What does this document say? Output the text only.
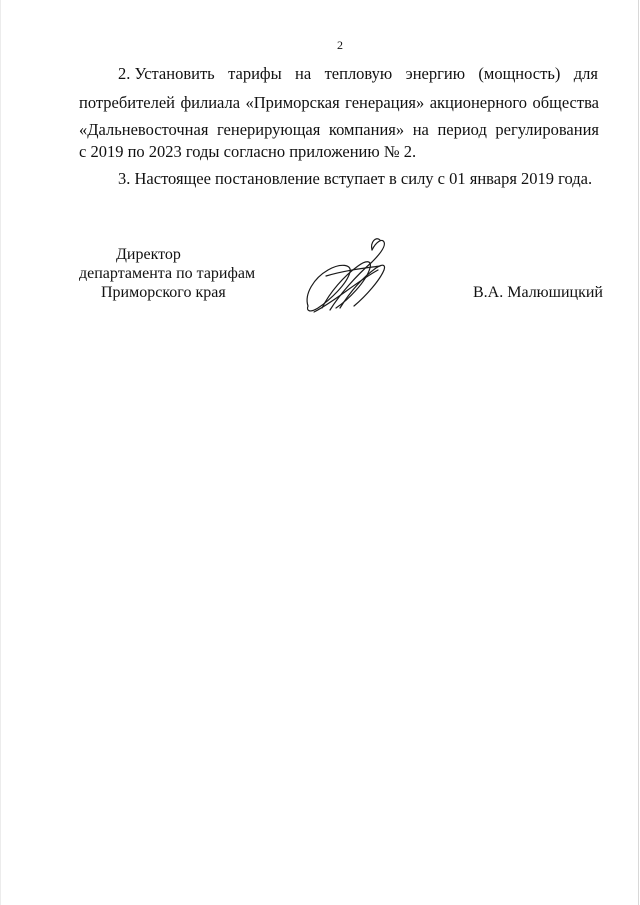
2
2. Установить тарифы на тепловую энергию (мощность) для
потребителей филиала «Приморская генерация» акционерного общества
«Дальневосточная генерирующая компания» на период регулирования
с 2019 по 2023 годы согласно приложению № 2.
3. Настоящее постановление вступает в силу с 01 января 2019 года.
Директор
департамента по тарифам
Приморского края	В.А. Малюшицкий
